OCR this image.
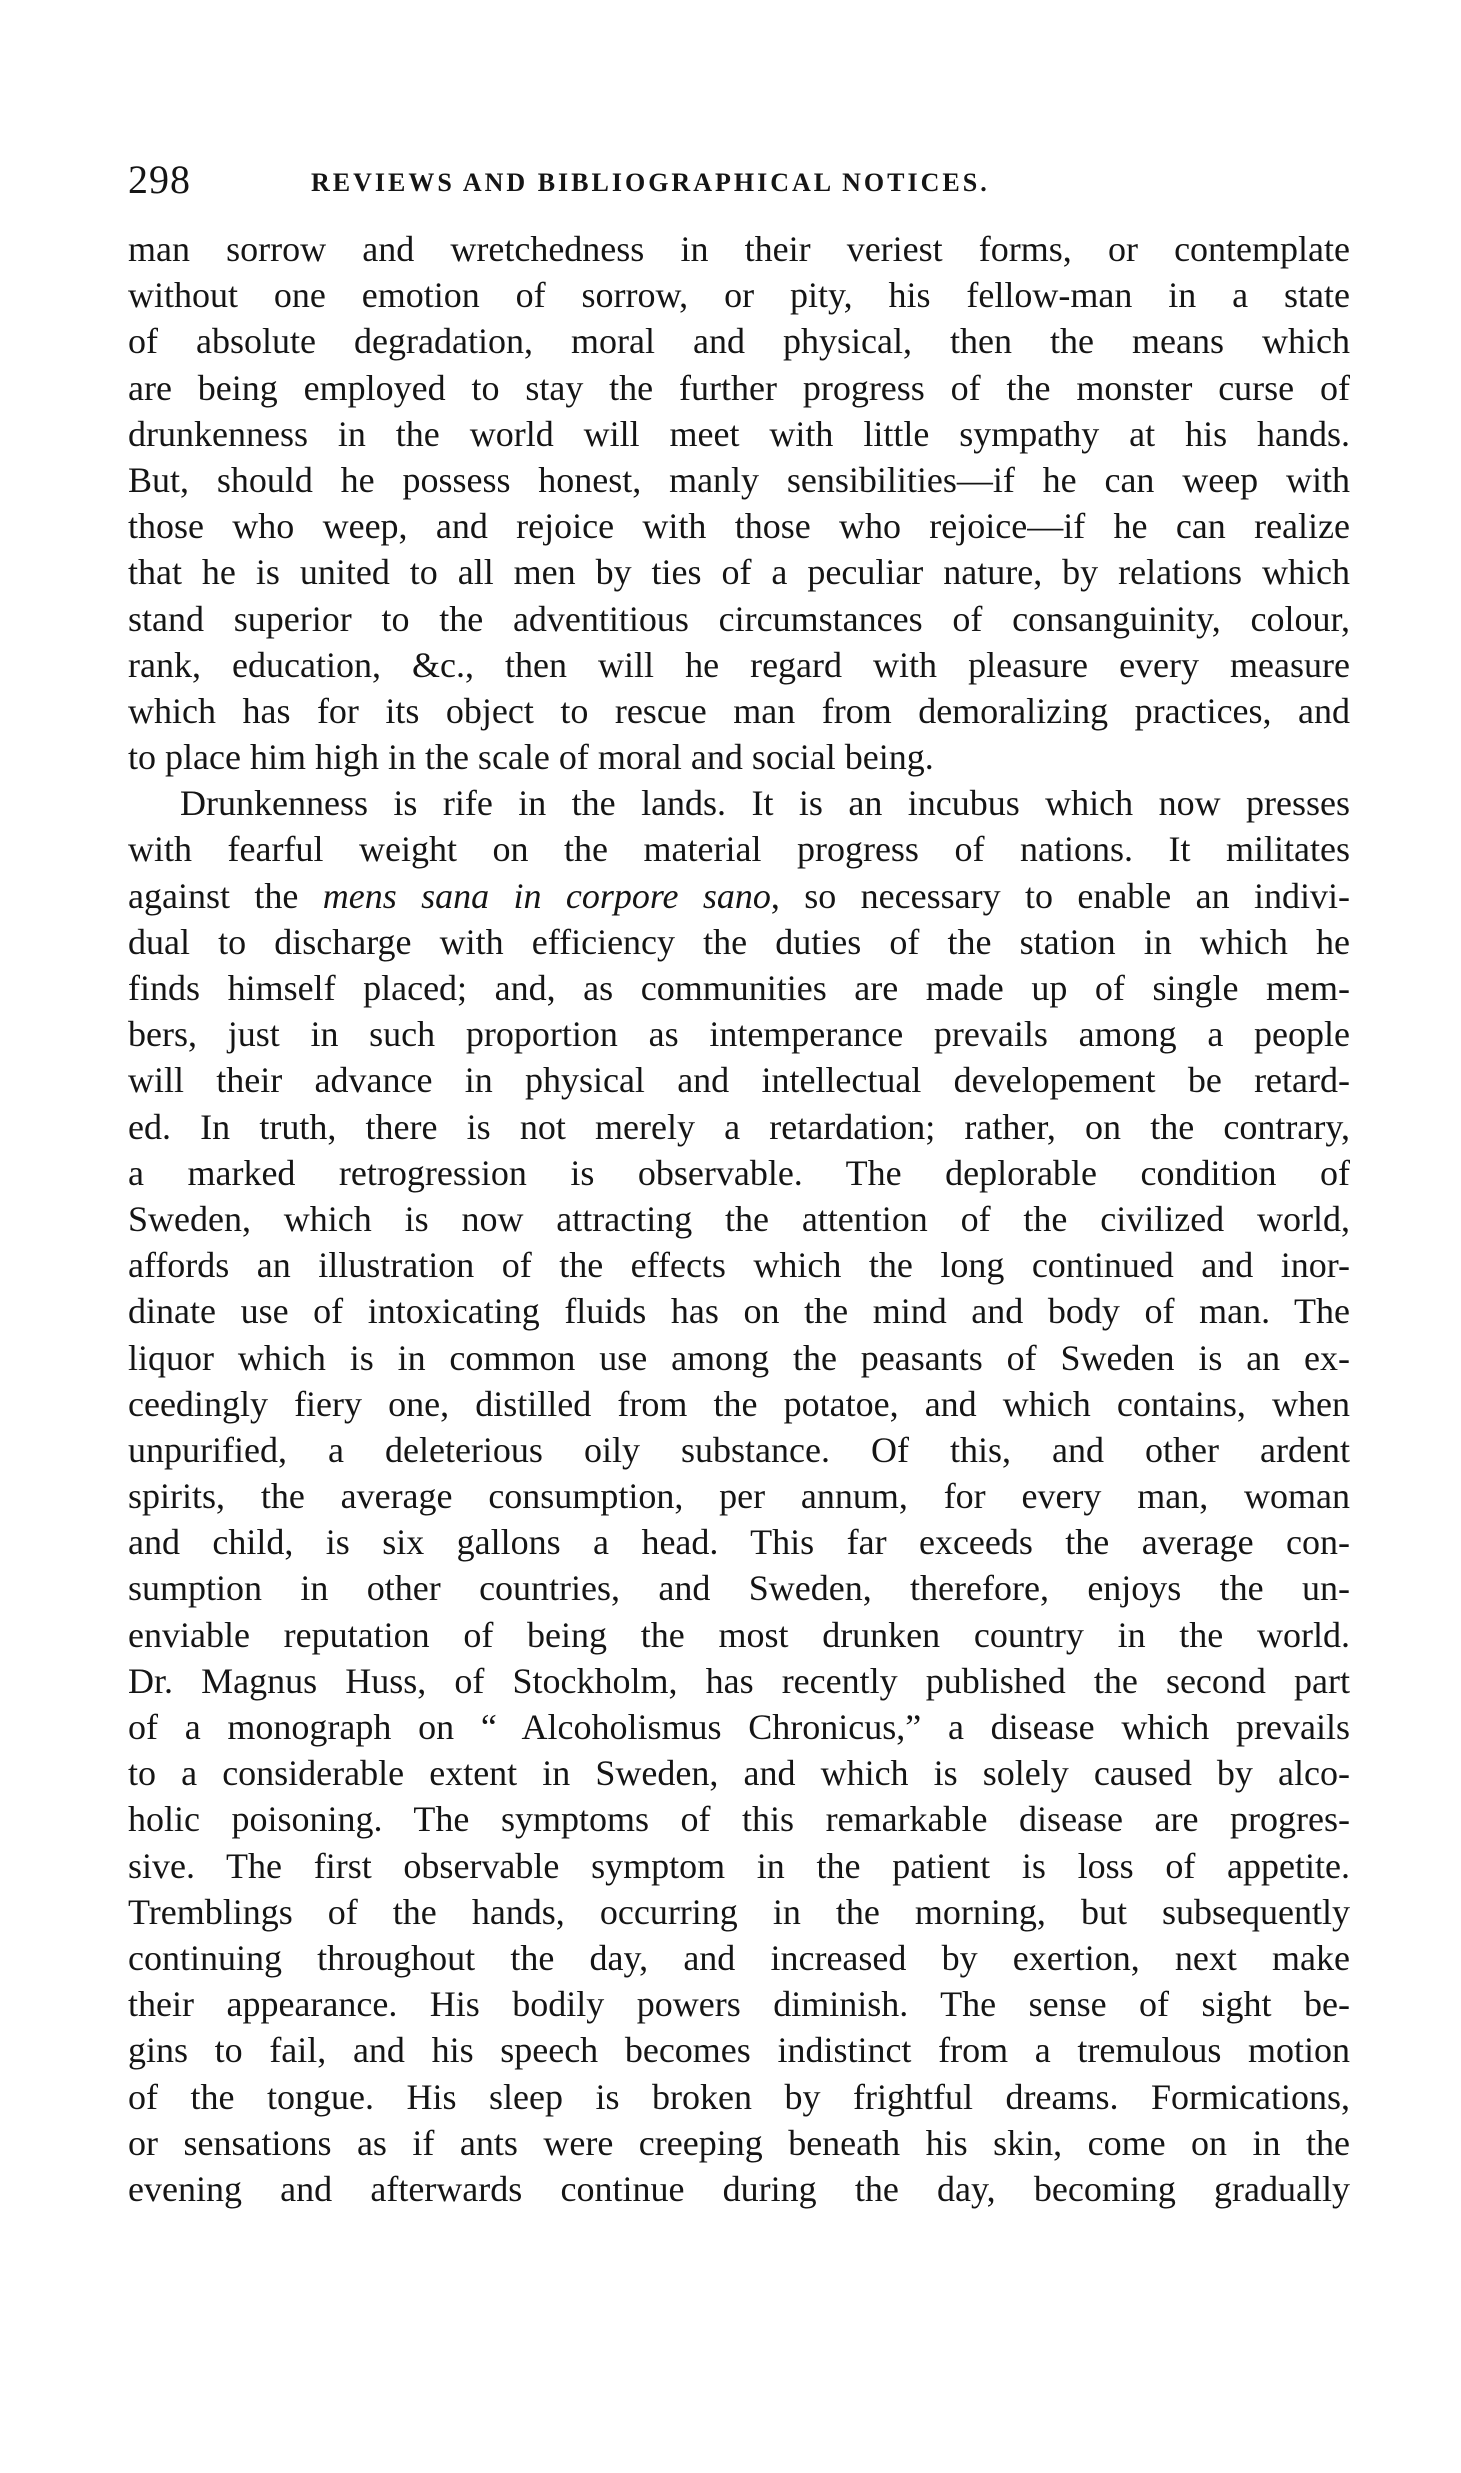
298	REVIEWS AND BIBLIOGRAPHICAL NOTICES.
man sorrow and wretchedness in their veriest forms, or contemplate
without one emotion of sorrow, or pity, his fellow-man in a state
of absolute degradation, moral and physical, then the means which
are being employed to stay the further progress of the monster curse of
drunkenness in the world will meet with little sympathy at his hands.
But, should he possess honest, manly sensibilities—if he can weep with
those who weep, and rejoice with those who rejoice—if he can realize
that he is united to all men by ties of a peculiar nature, by relations which
stand superior to the adventitious circumstances of consanguinity, colour,
rank, education, &c., then will he regard with pleasure every measure
which has for its object to rescue man from demoralizing practices, and
to place him high in the scale of moral and social being.
Drunkenness is rife in the lands. It is an incubus which now presses
with fearful weight on the material progress of nations. It militates
against the mens sana in corpore sano, so necessary to enable an indivi-
dual to discharge with efficiency the duties of the station in which he
finds himself placed; and, as communities are made up of single mem-
bers, just in such proportion as intemperance prevails among a people
will their advance in physical and intellectual developement be retard-
ed. In truth, there is not merely a retardation; rather, on the contrary,
a marked retrogression is observable. The deplorable condition of
Sweden, which is now attracting the attention of the civilized world,
affords an illustration of the effects which the long continued and inor-
dinate use of intoxicating fluids has on the mind and body of man. The
liquor which is in common use among the peasants of Sweden is an ex-
ceedingly fiery one, distilled from the potatoe, and which contains, when
unpurified, a deleterious oily substance. Of this, and other ardent
spirits, the average consumption, per annum, for every man, woman
and child, is six gallons a head. This far exceeds the average con-
sumption in other countries, and Sweden, therefore, enjoys the un-
enviable reputation of being the most drunken country in the world.
Dr. Magnus Huss, of Stockholm, has recently published the second part
of a monograph on “ Alcoholismus Chronicus,” a disease which prevails
to a considerable extent in Sweden, and which is solely caused by alco-
holic poisoning. The symptoms of this remarkable disease are progres-
sive. The first observable symptom in the patient is loss of appetite.
Tremblings of the hands, occurring in the morning, but subsequently
continuing throughout the day, and increased by exertion, next make
their appearance. His bodily powers diminish. The sense of sight be-
gins to fail, and his speech becomes indistinct from a tremulous motion
of the tongue. His sleep is broken by frightful dreams. Formications,
or sensations as if ants were creeping beneath his skin, come on in the
evening and afterwards continue during the day, becoming gradually
